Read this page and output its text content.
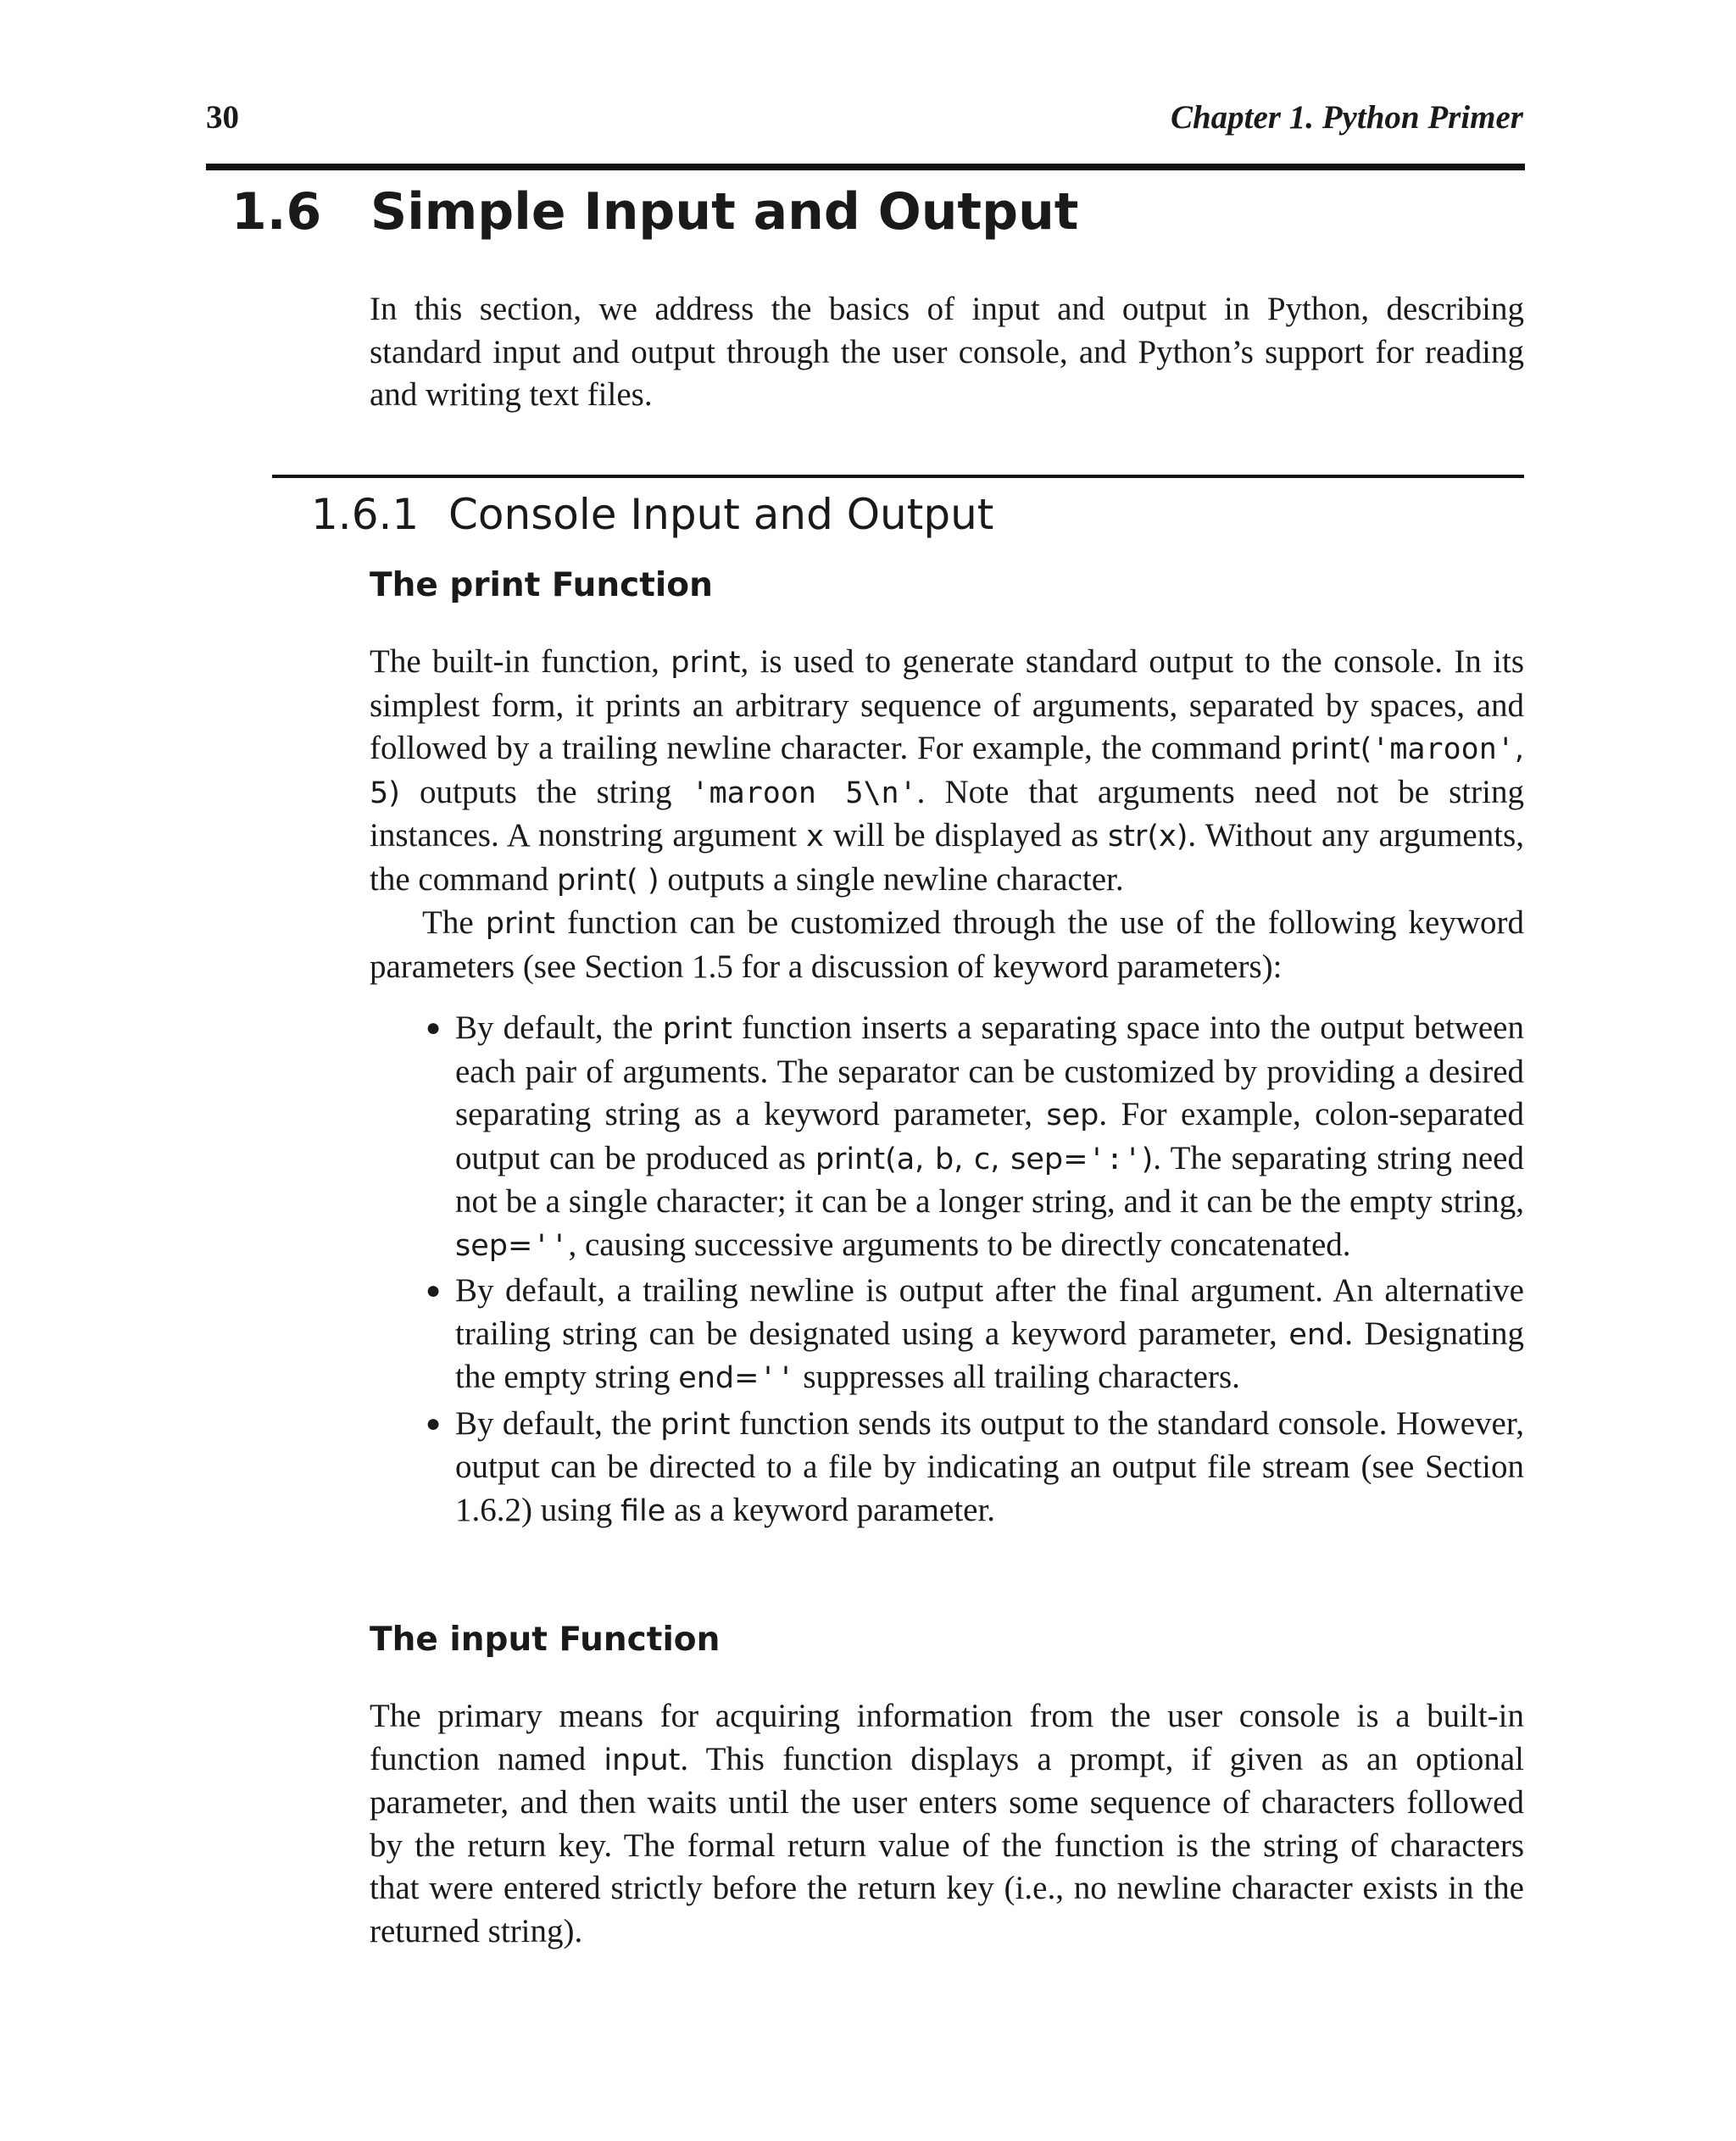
30	Chapter 1. Python Primer
1.6 Simple Input and Output

In this section, we address the basics of input and output in Python, describing standard input and output through the user console, and Python’s support for reading and writing text files.

1.6.1 Console Input and Output
The print Function

The built-in function, print, is used to generate standard output to the console. In its simplest form, it prints an arbitrary sequence of arguments, separated by spaces, and followed by a trailing newline character. For example, the command print('maroon', 5) outputs the string 'maroon 5\n'. Note that arguments need not be string instances. A nonstring argument x will be displayed as str(x). Without any arguments, the command print( ) outputs a single newline character.

The print function can be customized through the use of the following keyword parameters (see Section 1.5 for a discussion of keyword parameters):

● By default, the print function inserts a separating space into the output between each pair of arguments. The separator can be customized by providing a desired separating string as a keyword parameter, sep. For example, colon-separated output can be produced as print(a, b, c, sep=':'). The separating string need not be a single character; it can be a longer string, and it can be the empty string, sep='', causing successive arguments to be directly concatenated.
● By default, a trailing newline is output after the final argument. An alternative trailing string can be designated using a keyword parameter, end. Designating the empty string end='' suppresses all trailing characters.
● By default, the print function sends its output to the standard console. However, output can be directed to a file by indicating an output file stream (see Section 1.6.2) using file as a keyword parameter.
The input Function

The primary means for acquiring information from the user console is a built-in function named input. This function displays a prompt, if given as an optional parameter, and then waits until the user enters some sequence of characters followed by the return key. The formal return value of the function is the string of characters that were entered strictly before the return key (i.e., no newline character exists in the returned string).
